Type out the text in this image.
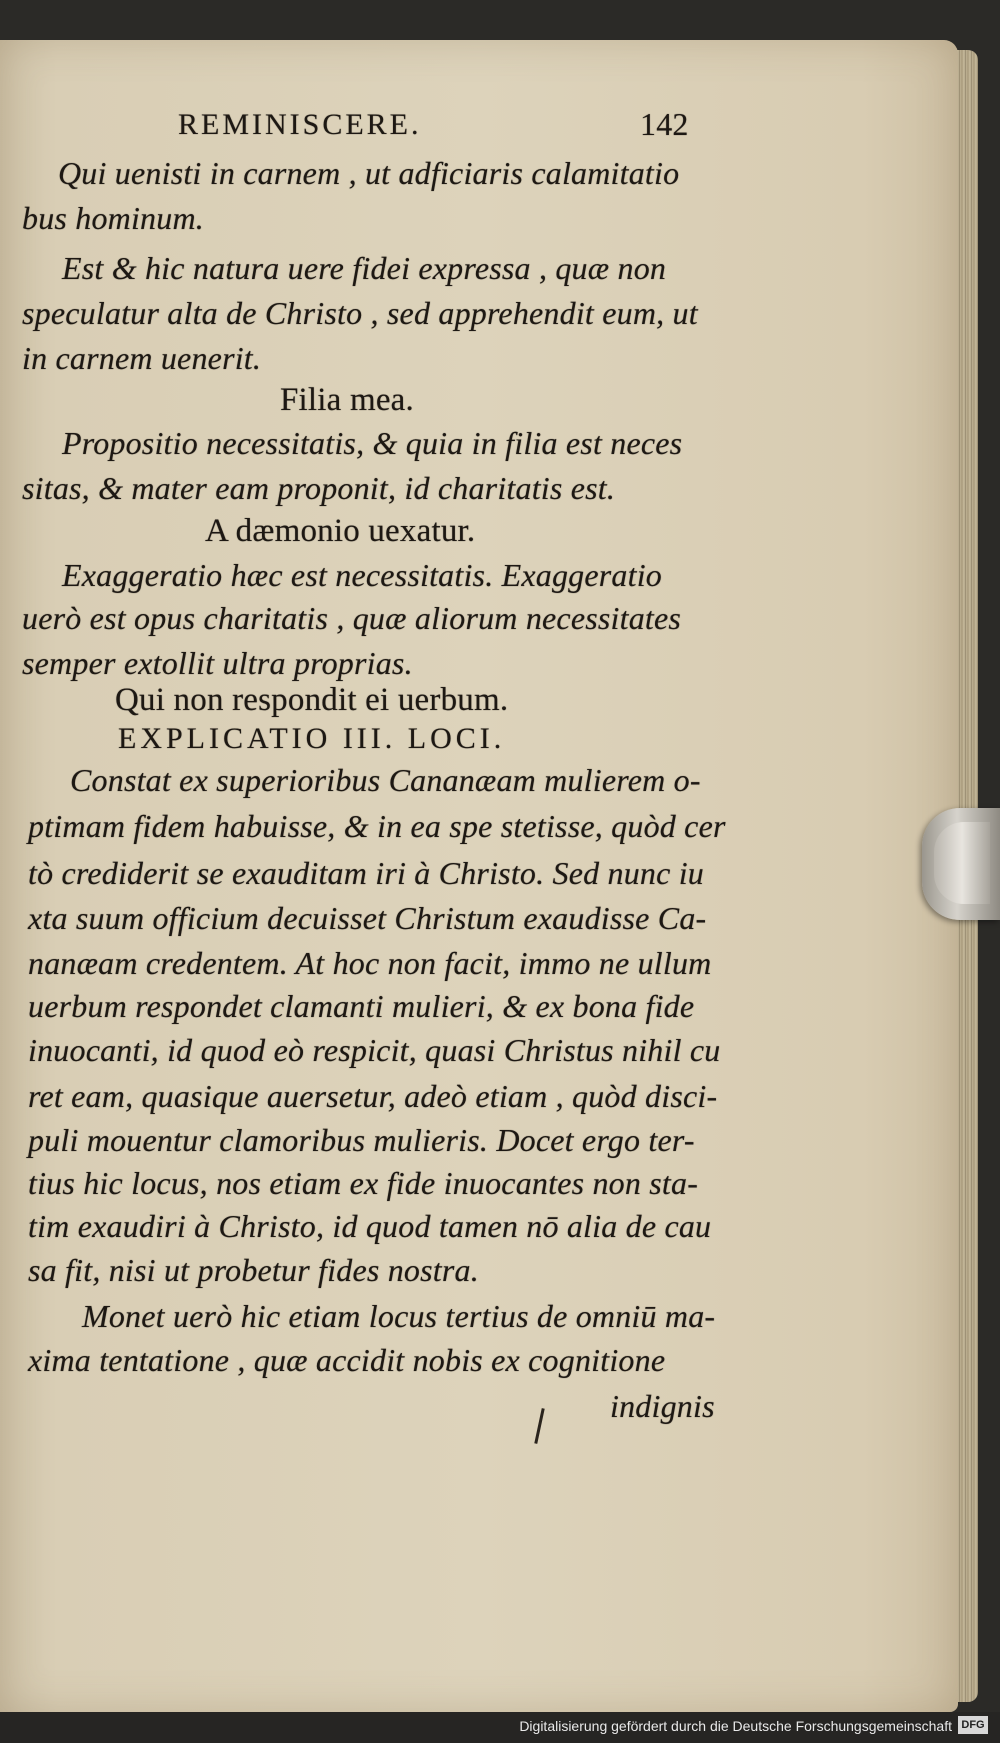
REMINISCERE.	142
Qui uenisti in carnem , ut adficiaris calamitatio
bus hominum.
Est & hic natura uere fidei expressa , quæ non
speculatur alta de Christo , sed apprehendit eum, ut
in carnem uenerit.
Filia mea.
Propositio necessitatis, & quia in filia est neces
sitas, & mater eam proponit, id charitatis est.
A dæmonio uexatur.
Exaggeratio hæc est necessitatis. Exaggeratio
uerò est opus charitatis , quæ aliorum necessitates
semper extollit ultra proprias.
Qui non respondit ei uerbum.
EXPLICATIO III. LOCI.
Constat ex superioribus Cananæam mulierem o-
ptimam fidem habuisse, & in ea spe stetisse, quòd cer
tò crediderit se exauditam iri à Christo. Sed nunc iu
xta suum officium decuisset Christum exaudisse Ca-
nanæam credentem. At hoc non facit, immo ne ullum
uerbum respondet clamanti mulieri, & ex bona fide
inuocanti, id quod eò respicit, quasi Christus nihil cu
ret eam, quasique auersetur, adeò etiam , quòd disci-
puli mouentur clamoribus mulieris. Docet ergo ter-
tius hic locus, nos etiam ex fide inuocantes non sta-
tim exaudiri à Christo, id quod tamen nō alia de cau
sa fit, nisi ut probetur fides nostra.
Monet uerò hic etiam locus tertius de omniū ma-
xima tentatione , quæ accidit nobis ex cognitione
indignis
Digitalisierung gefördert durch die Deutsche Forschungsgemeinschaft DFG
